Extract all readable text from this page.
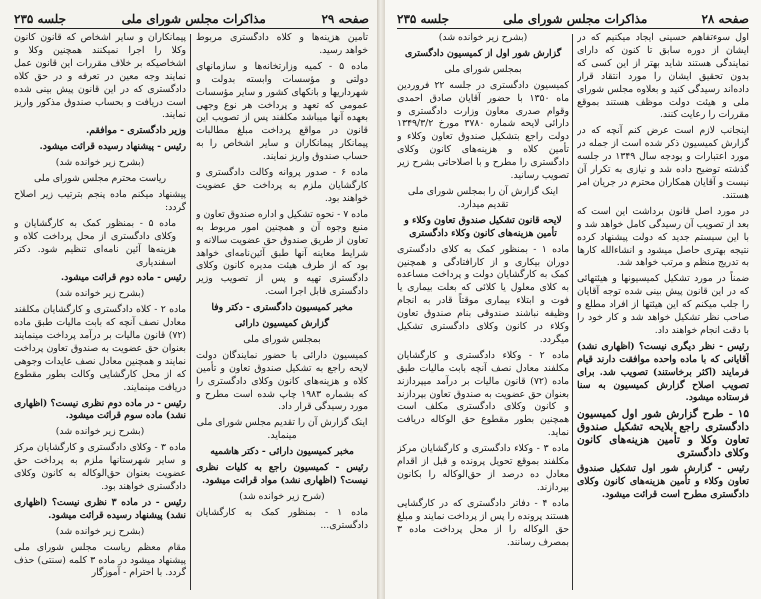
جلسه ۲۳۵	مذاکرات مجلس شورای ملی	صفحه ۲۹

تأمین هزینه‌ها و کلاه دادگستری مربوط خواهد رسید.

ماده ۵ - کمیه وزارتخانه‌ها و سازمانهای دولتی و مؤسسات وابسته بدولت و شهرداریها و بانکهای کشور و سایر مؤسسات عمومی که تعهد و پرداخت هر نوع وجهی بعهده آنها میباشد مکلفند پس از تصویب این قانون در مواقع پرداخت مبلغ مطالبات پیمانکار پیمانکاران و سایر اشخاص را به حساب صندوق واریز نمایند.

ماده ۶ - صدور پروانه وکالت دادگستری و کارگشایان ملزم به پرداخت حق عضویت خواهند بود.

ماده ۷ - نحوه تشکیل و اداره صندوق تعاون و منبع وجوه آن و همچنین امور مربوط به تعاون از طریق صندوق حق عضویت سالانه و شرایط معاینه آنها طبق آئین‌نامه‌ای خواهد بود که از طرف هیئت مدیره کانون وکلای دادگستری تهیه و پس از تصویب وزیر دادگستری قابل اجرا است.

مخبر کمیسیون دادگستری - دکتر وفا

گزارش کمیسیون دارائی

بمجلس شورای ملی

کمیسیون دارائی با حضور نمایندگان دولت لایحه راجع به تشکیل صندوق تعاون و تأمین کلاه و هزینه‌های کانون وکلای دادگستری را که بشماره ۱۹۸۳ چاپ شده است مطرح و مورد رسیدگی قرار داد.

اینک گزارش آن را تقدیم مجلس شورای ملی مینماید.

مخبر کمیسیون دارائی - دکتر هاشمیه

رئیس - کمیسیون راجع به کلیات نظری نیست؟ (اظهاری نشد) مواد قرائت میشود.

(شرح زیر خوانده شد)

ماده ۱ - بمنظور کمک به کارگشایان دادگستری...

پیمانکاران و سایر اشخاص که قانون کانون وکلا را اجرا نمیکنند همچنین وکلا و اشخاصیکه بر خلاف مقررات این قانون عمل نمایند وجه معین در تعرفه و در حق کلاه دادگستری که در این قانون پیش بینی شده است دریافت و بحساب صندوق مذکور واریز نمایند.

وزیر دادگستری - موافقم.

رئیس - پیشنهاد رسیده قرائت میشود.

(بشرح زیر خوانده شد)

ریاست محترم مجلس شورای ملی

پیشنهاد میکنم ماده پنجم بترتیب زیر اصلاح گردد:

ماده ۵ - بمنظور کمک به کارگشایان و وکلای دادگستری از محل پرداخت کلاه و هزینه‌ها آئین نامه‌ای تنظیم شود. دکتر اسفندیاری

رئیس - ماده دوم قرائت میشود.

(بشرح زیر خوانده شد)

ماده ۲ - کلاه دادگستری و کارگشایان مکلفند معادل نصف آنچه که بابت مالیات طبق ماده (۷۲) قانون مالیات بر درآمد پرداخت مینمایند بعنوان حق عضویت به صندوق تعاون پرداخت نمایند و همچنین معادل نصف عایدات وجوهی که از محل کارگشایی وکالت بطور مقطوع دریافت مینمایند.

رئیس - در ماده دوم نظری نیست؟ (اظهاری نشد) ماده سوم قرائت میشود.

(بشرح زیر خوانده شد)

ماده ۳ - وکلای دادگستری و کارگشایان مرکز و سایر شهرستانها ملزم به پرداخت حق عضویت بعنوان حق‌الوکاله به کانون وکلای دادگستری خواهند بود.

رئیس - در ماده ۳ نظری نیست؟ (اظهاری نشد) پیشنهاد رسیده قرائت میشود.

(بشرح زیر خوانده شد)

مقام معظم ریاست مجلس شورای ملی پیشنهاد میشود در ماده ۳ کلمه (سنتی) حذف گردد. با احترام - آموزگار

جلسه ۲۳۵	مذاکرات مجلس شورای ملی	صفحه ۲۸

اول سوءتفاهم حسینی ایجاد میکنیم که در ایشان از دوره سابق تا کنون که دارای نمایندگی هستند شاید بهتر از این کسی که بدون تحقیق ایشان را مورد انتقاد قرار داده‌اند رسیدگی کنید و بعلاوه مجلس شورای ملی و هیئت دولت موظف هستند بموقع مقررات را رعایت کنند.

اینجانب لازم است عرض کنم آنچه که در گزارش کمیسیون ذکر شده است از جمله در مورد اعتبارات و بودجه سال ۱۳۴۹ در جلسه گذشته توضیح داده شد و نیازی به تکرار آن نیست و آقایان همکاران محترم در جریان امر هستند.

در مورد اصل قانون برداشت این است که بعد از تصویب آن رسیدگی کامل خواهد شد و با این سیستم جدید که دولت پیشنهاد کرده نتیجه بهتری حاصل میشود و انشاءالله کارها به تدریج منظم و مرتب خواهد شد.

ضمناً در مورد تشکیل کمیسیونها و هیئتهائی که در این قانون پیش بینی شده توجه آقایان را جلب میکنم که این هیئتها از افراد مطلع و صاحب نظر تشکیل خواهد شد و کار خود را با دقت انجام خواهند داد.

رئیس - نظر دیگری نیست؟ (اظهاری نشد) آقایانی که با ماده واحده موافقت دارند قیام فرمایند (اکثر برخاستند) تصویب شد. برای تصویب اصلاح گزارش کمیسیون به سنا فرستاده میشود.

۱۵ - طرح گزارش شور اول کمیسیون دادگستری راجع بلایحه تشکیل صندوق تعاون وکلا و تأمین هزینه‌های کانون وکلای دادگستری

رئیس - گزارش شور اول تشکیل صندوق تعاون وکلاء و تأمین هزینه‌های کانون وکلای دادگستری مطرح است قرائت میشود.

(بشرح زیر خوانده شد)

گزارش شور اول از کمیسیون دادگستری

بمجلس شورای ملی

کمیسیون دادگستری در جلسه ۲۲ فروردین ماه ۱۳۵۰ با حضور آقایان صادق احمدی وقوام صدری معاون وزارت دادگستری و دارائی لایحه شماره ۳۷۸۰ مورخ ۱۳۴۹/۳/۲ دولت راجع بتشکیل صندوق تعاون وکلاء و تأمین کلاه و هزینه‌های کانون وکلای دادگستری را مطرح و با اصلاحاتی بشرح زیر تصویب رسانید.

اینک گزارش آن را بمجلس شورای ملی تقدیم میدارد.

لایحه قانون تشکیل صندوق تعاون وکلاء و تأمین هزینه‌های کانون وکلاء دادگستری

ماده ۱ - بمنظور کمک به کلای دادگستری دوران بیکاری و از کارافتادگی و همچنین کمک به کارگشایان دولت و پرداخت مساعده به کلای معلول یا کلائی که بعلت بیماری یا فوت و ابتلاء بیماری موقتاً قادر به انجام وظیفه نباشند صندوقی بنام صندوق تعاون وکلاء در کانون وکلای دادگستری تشکیل میگردد.

ماده ۲ - وکلاء دادگستری و کارگشایان مکلفند معادل نصف آنچه بابت مالیات طبق ماده (۷۲) قانون مالیات بر درآمد میپردازند بعنوان حق عضویت به صندوق تعاون بپردازند و کانون وکلای دادگستری مکلف است همچنین بطور مقطوع حق الوکاله دریافت نماید.

ماده ۳ - وکلاء دادگستری و کارگشایان مرکز مکلفند بموقع تحویل پرونده و قبل از اقدام معادل ده درصد از حق‌الوکاله را بکانون بپردازند.

ماده ۴ - دفاتر دادگستری که در کارگشایی هستند پرونده را پس از پرداخت نمایند و مبلغ حق الوکاله را از محل پرداخت ماده ۳ بمصرف رسانند.
